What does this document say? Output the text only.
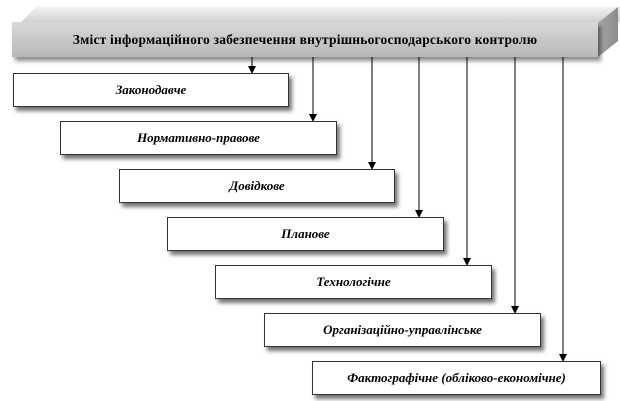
Зміст інформаційного забезпечення внутрішньогосподарського контролю
Законодавче
Нормативно-правове
Довідкове
Планове
Технологічне
Організаційно-управлінське
Фактографічне (обліково-економічне)
